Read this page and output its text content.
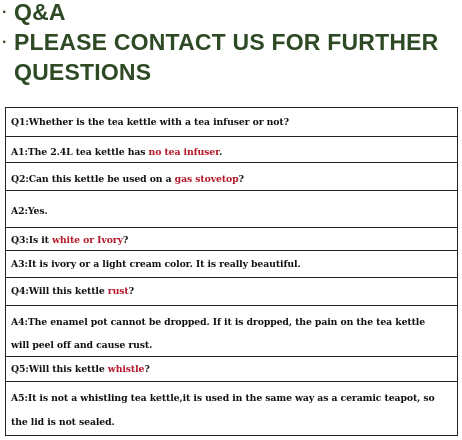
· Q&A
· PLEASE CONTACT US FOR FURTHER
QUESTIONS
Q1:Whether is the tea kettle with a tea infuser or not?
A1:The 2.4L tea kettle has no tea infuser.
Q2:Can this kettle be used on a gas stovetop?
A2:Yes.
Q3:Is it white or Ivory?
A3:It is ivory or a light cream color. It is really beautiful.
Q4:Will this kettle rust?
A4:The enamel pot cannot be dropped. If it is dropped, the pain on the tea kettle
will peel off and cause rust.
Q5:Will this kettle whistle?
A5:It is not a whistling tea kettle,it is used in the same way as a ceramic teapot, so
the lid is not sealed.
